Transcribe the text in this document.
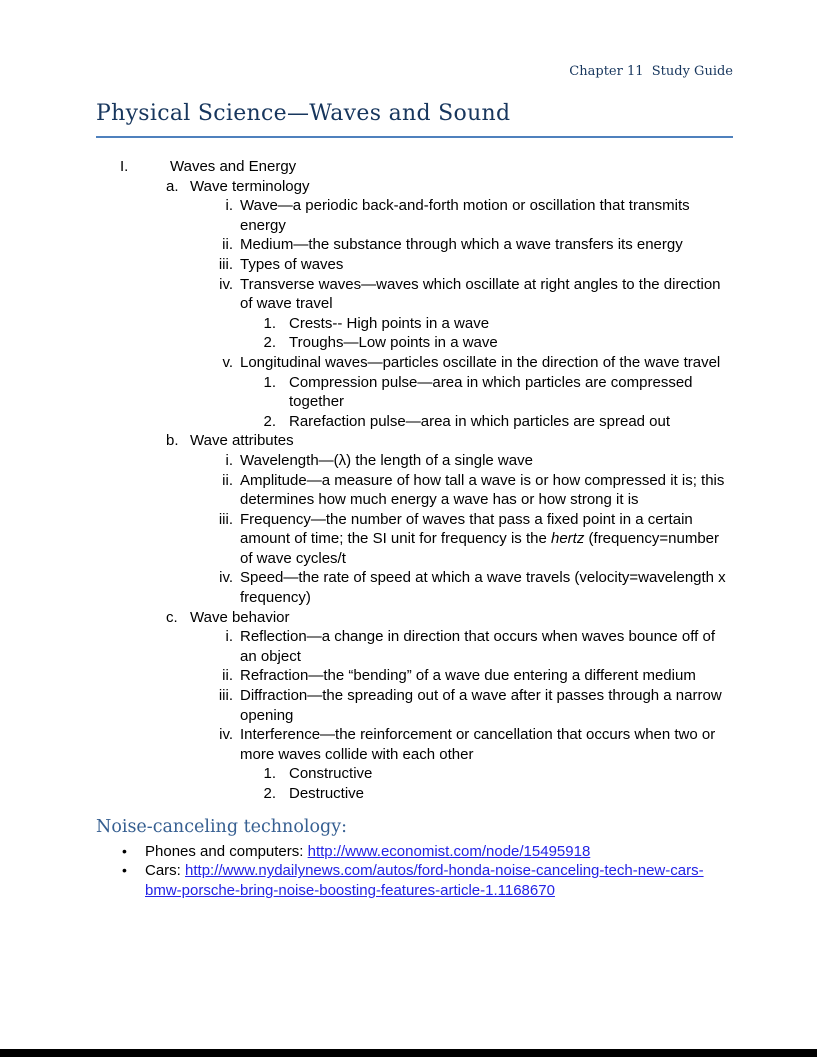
Chapter 11  Study Guide
Physical Science—Waves and Sound
I.	Waves and Energy
a. Wave terminology
i. Wave—a periodic back-and-forth motion or oscillation that transmits energy
ii. Medium—the substance through which a wave transfers its energy
iii. Types of waves
iv. Transverse waves—waves which oscillate at right angles to the direction of wave travel
1. Crests-- High points in a wave
2. Troughs—Low points in a wave
v. Longitudinal waves—particles oscillate in the direction of the wave travel
1. Compression pulse—area in which particles are compressed together
2. Rarefaction pulse—area in which particles are spread out
b. Wave attributes
i. Wavelength—(λ) the length of a single wave
ii. Amplitude—a measure of how tall a wave is or how compressed it is; this determines how much energy a wave has or how strong it is
iii. Frequency—the number of waves that pass a fixed point in a certain amount of time; the SI unit for frequency is the hertz (frequency=number of wave cycles/t
iv. Speed—the rate of speed at which a wave travels (velocity=wavelength x frequency)
c. Wave behavior
i. Reflection—a change in direction that occurs when waves bounce off of an object
ii. Refraction—the “bending” of a wave due entering a different medium
iii. Diffraction—the spreading out of a wave after it passes through a narrow opening
iv. Interference—the reinforcement or cancellation that occurs when two or more waves collide with each other
1. Constructive
2. Destructive
Noise-canceling technology:
•	Phones and computers: http://www.economist.com/node/15495918
•	Cars: http://www.nydailynews.com/autos/ford-honda-noise-canceling-tech-new-cars-bmw-porsche-bring-noise-boosting-features-article-1.1168670
